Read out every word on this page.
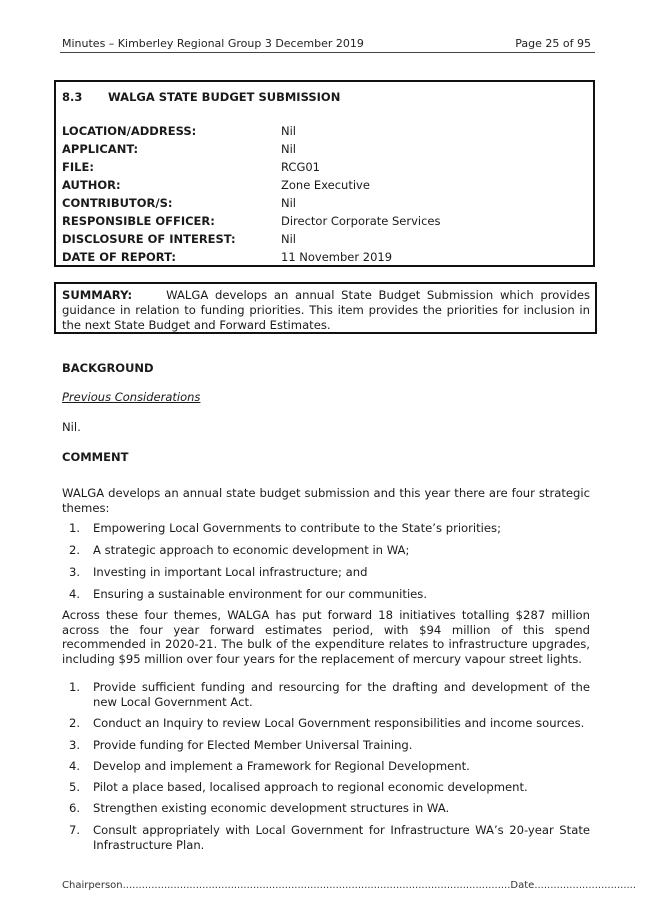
Minutes – Kimberley Regional Group 3 December 2019	Page 25 of 95
8.3 WALGA STATE BUDGET SUBMISSION
LOCATION/ADDRESS:	Nil
APPLICANT:	Nil
FILE:	RCG01
AUTHOR:	Zone Executive
CONTRIBUTOR/S:	Nil
RESPONSIBLE OFFICER:	Director Corporate Services
DISCLOSURE OF INTEREST:	Nil
DATE OF REPORT:	11 November 2019
SUMMARY:	WALGA develops an annual State Budget Submission which provides guidance in relation to funding priorities. This item provides the priorities for inclusion in the next State Budget and Forward Estimates.
BACKGROUND
Previous Considerations
Nil.
COMMENT
WALGA develops an annual state budget submission and this year there are four strategic themes:
1. Empowering Local Governments to contribute to the State’s priorities;
2. A strategic approach to economic development in WA;
3. Investing in important Local infrastructure; and
4. Ensuring a sustainable environment for our communities.
Across these four themes, WALGA has put forward 18 initiatives totalling $287 million across the four year forward estimates period, with $94 million of this spend recommended in 2020-21. The bulk of the expenditure relates to infrastructure upgrades, including $95 million over four years for the replacement of mercury vapour street lights.
1. Provide sufficient funding and resourcing for the drafting and development of the new Local Government Act.
2. Conduct an Inquiry to review Local Government responsibilities and income sources.
3. Provide funding for Elected Member Universal Training.
4. Develop and implement a Framework for Regional Development.
5. Pilot a place based, localised approach to regional economic development.
6. Strengthen existing economic development structures in WA.
7. Consult appropriately with Local Government for Infrastructure WA’s 20-year State Infrastructure Plan.
Chairperson..........................................................................................................................Date................................
